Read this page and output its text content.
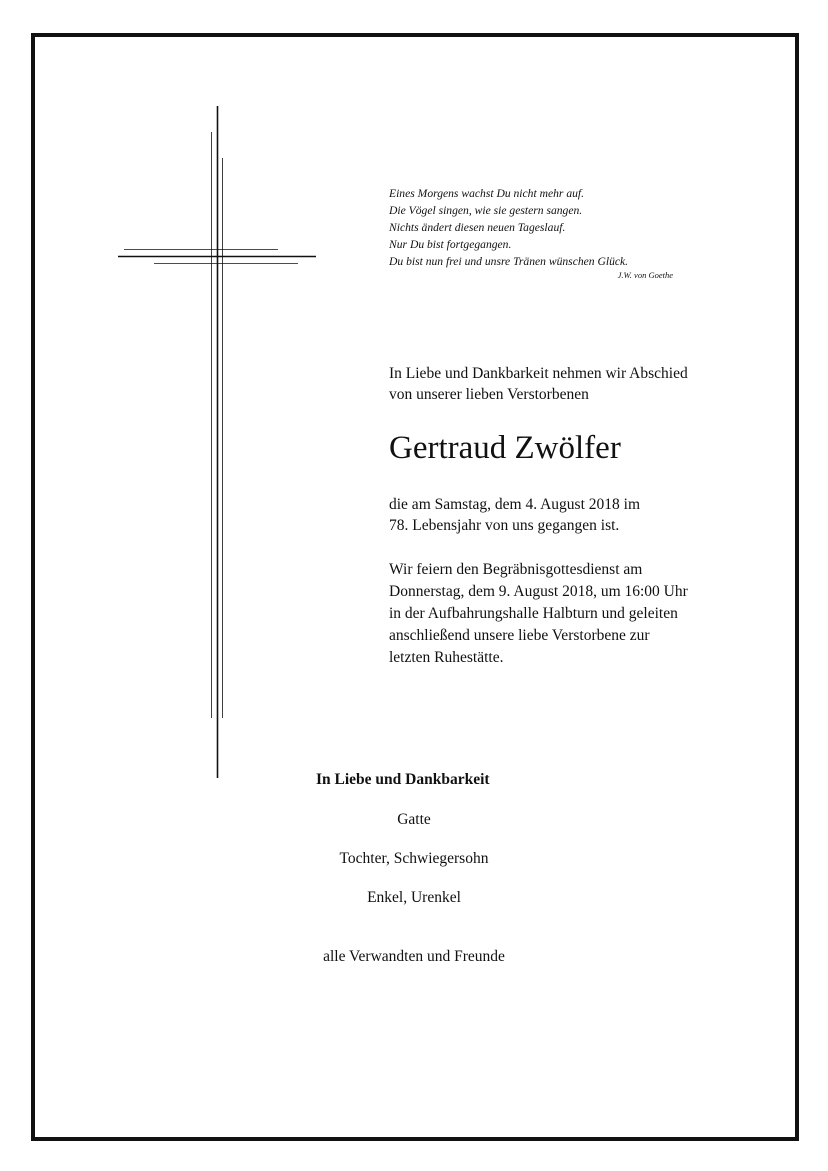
Eines Morgens wachst Du nicht mehr auf.
Die Vögel singen, wie sie gestern sangen.
Nichts ändert diesen neuen Tageslauf.
Nur Du bist fortgegangen.
Du bist nun frei und unsre Tränen wünschen Glück.
J.W. von Goethe
In Liebe und Dankbarkeit nehmen wir Abschied
von unserer lieben Verstorbenen
Gertraud Zwölfer
die am Samstag, dem 4. August 2018 im
78. Lebensjahr von uns gegangen ist.
Wir feiern den Begräbnisgottesdienst am
Donnerstag, dem 9. August 2018, um 16:00 Uhr
in der Aufbahrungshalle Halbturn und geleiten
anschließend unsere liebe Verstorbene zur
letzten Ruhestätte.
In Liebe und Dankbarkeit
Gatte
Tochter, Schwiegersohn
Enkel, Urenkel
alle Verwandten und Freunde
